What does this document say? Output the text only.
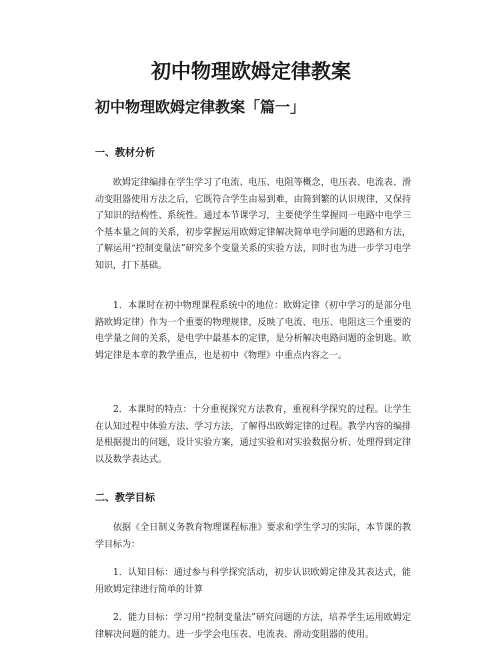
初中物理欧姆定律教案
初中物理欧姆定律教案「篇一」
一、教材分析

欧姆定律编排在学生学习了电流、电压、电阻等概念，电压表、电流表、滑动变阻器使用方法之后，它既符合学生由易到难，由简到繁的认识规律，又保持了知识的结构性、系统性。通过本节课学习，主要使学生掌握同一电路中电学三个基本量之间的关系，初步掌握运用欧姆定律解决简单电学问题的思路和方法，了解运用“控制变量法”研究多个变量关系的实验方法，同时也为进一步学习电学知识，打下基础。

1．本课时在初中物理课程系统中的地位：欧姆定律（初中学习的是部分电路欧姆定律）作为一个重要的物理规律，反映了电流、电压、电阻这三个重要的电学量之间的关系，是电学中最基本的定律，是分析解决电路问题的金钥匙。欧姆定律是本章的教学重点，也是初中《物理》中重点内容之一。

2．本课时的特点：十分重视探究方法教育，重视科学探究的过程。让学生在认知过程中体验方法、学习方法，了解得出欧姆定律的过程。教学内容的编排是根据提出的问题，设计实验方案，通过实验和对实验数据分析、处理得到定律以及数学表达式。

二、教学目标

依据《全日制义务教育物理课程标准》要求和学生学习的实际，本节课的教学目标为：

1．认知目标：通过参与科学探究活动，初步认识欧姆定律及其表达式，能用欧姆定律进行简单的计算

2．能力目标：学习用“控制变量法”研究问题的方法，培养学生运用欧姆定律解决问题的能力。进一步学会电压表、电流表、滑动变阻器的使用。
